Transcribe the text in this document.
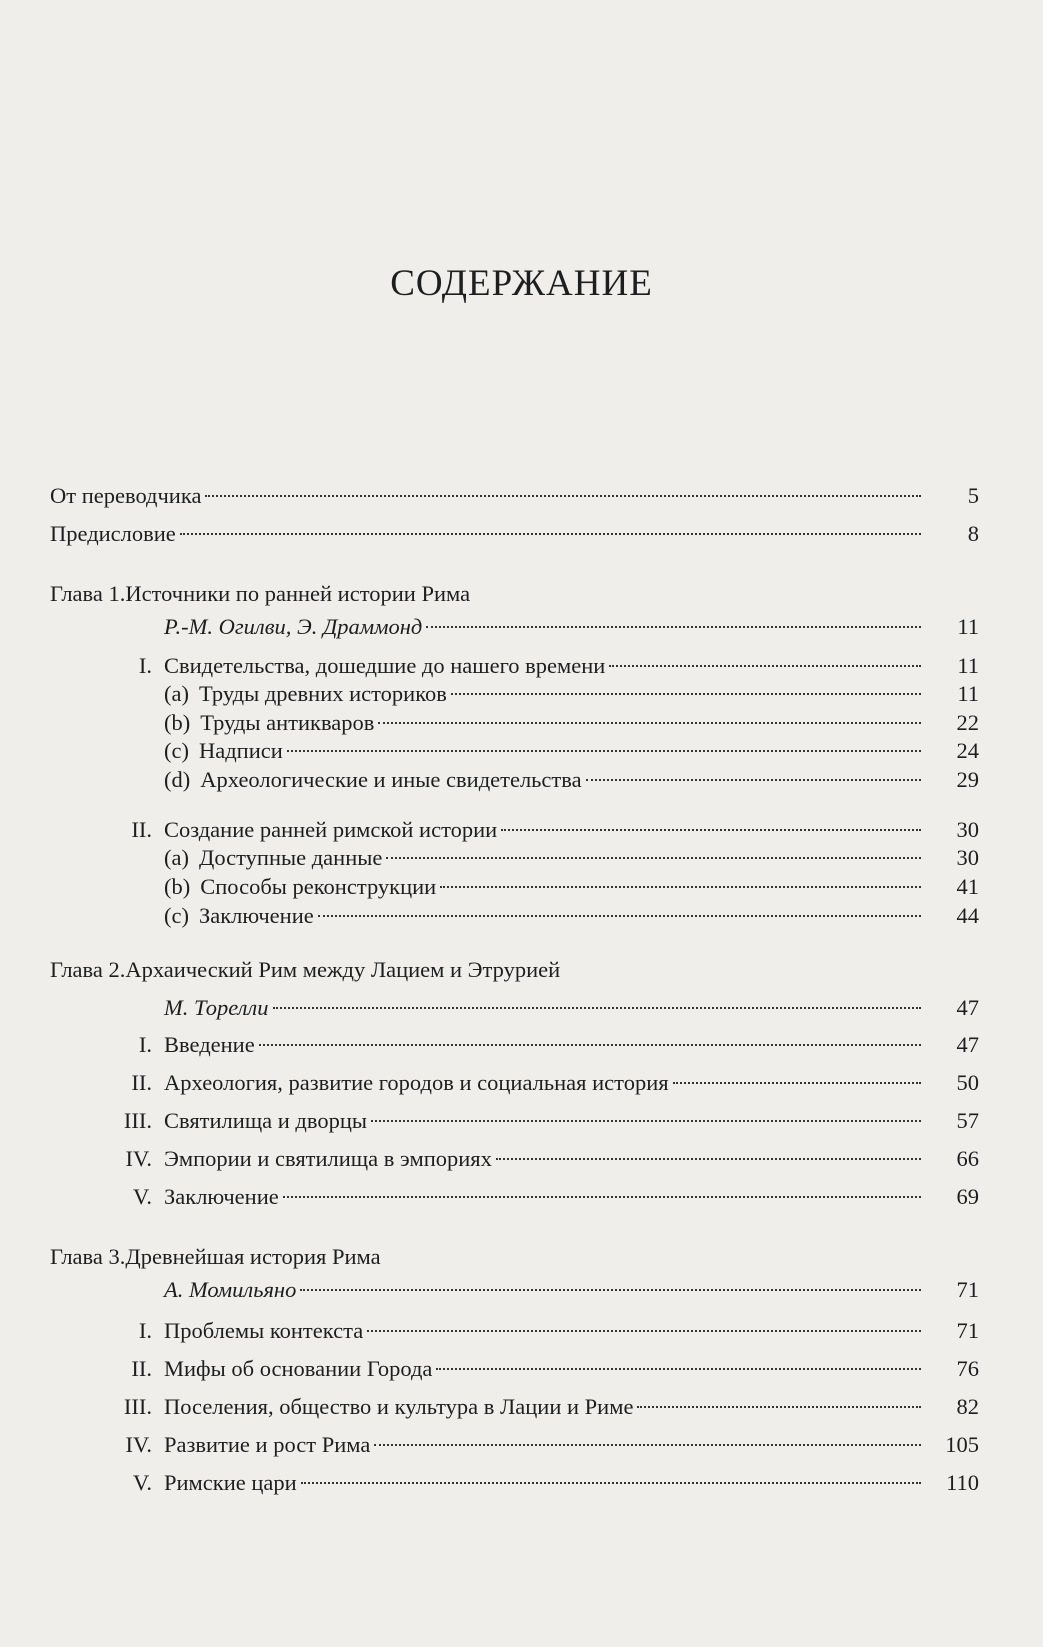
СОДЕРЖАНИЕ
От переводчика	5
Предисловие	8
Глава 1. Источники по ранней истории Рима
Р.-М. Огилви, Э. Драммонд	11
I. Свидетельства, дошедшие до нашего времени	11
(a) Труды древних историков	11
(b) Труды антикваров	22
(c) Надписи	24
(d) Археологические и иные свидетельства	29
II. Создание ранней римской истории	30
(a) Доступные данные	30
(b) Способы реконструкции	41
(c) Заключение	44
Глава 2. Архаический Рим между Лацием и Этрурией
М. Торелли	47
I. Введение	47
II. Археология, развитие городов и социальная история	50
III. Святилища и дворцы	57
IV. Эмпории и святилища в эмпориях	66
V. Заключение	69
Глава 3. Древнейшая история Рима
А. Момильяно	71
I. Проблемы контекста	71
II. Мифы об основании Города	76
III. Поселения, общество и культура в Лации и Риме	82
IV. Развитие и рост Рима	105
V. Римские цари	110
